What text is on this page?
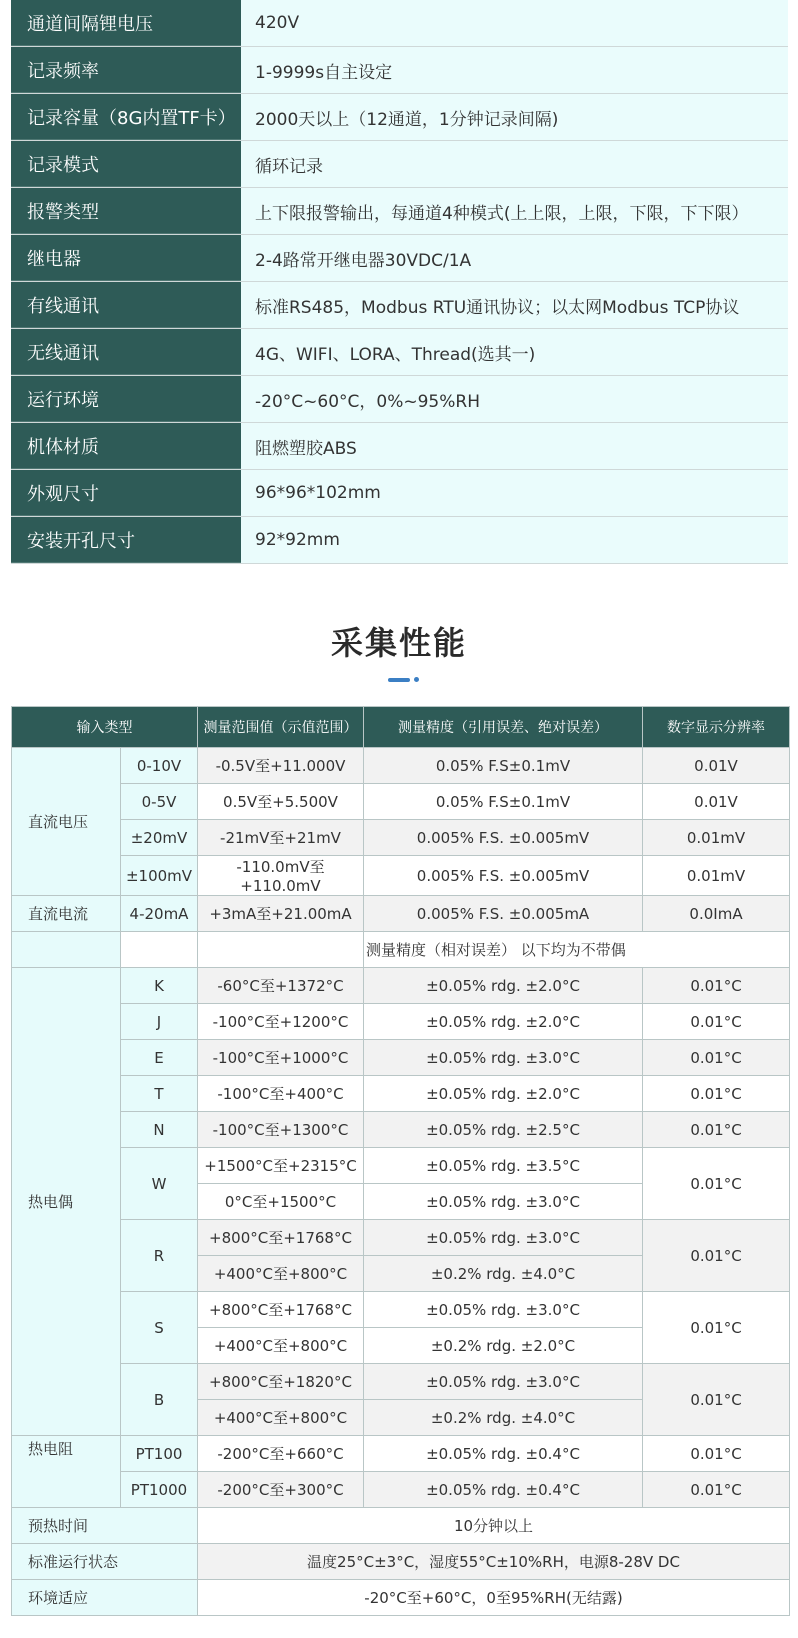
通道间隔锂电压	420V
记录频率	1-9999s自主设定
记录容量（8G内置TF卡）	2000天以上（12通道，1分钟记录间隔)
记录模式	循环记录
报警类型	上下限报警输出，每通道4种模式(上上限，上限，下限，下下限）
继电器	2-4路常开继电器30VDC/1A
有线通讯	标准RS485，Modbus RTU通讯协议；以太网Modbus TCP协议
无线通讯	4G、WIFI、LORA、Thread(选其一)
运行环境	-20°C~60°C，0%~95%RH
机体材质	阻燃塑胶ABS
外观尺寸	96*96*102mm
安装开孔尺寸	92*92mm
采集性能
输入类型		测量范围值（示值范围）	测量精度（引用误差、绝对误差）	数字显示分辨率
直流电压	0-10V	-0.5V至+11.000V	0.05% F.S±0.1mV	0.01V
	0-5V	0.5V至+5.500V	0.05% F.S±0.1mV	0.01V
	±20mV	-21mV至+21mV	0.005% F.S. ±0.005mV	0.01mV
	±100mV	-110.0mV至+110.0mV	0.005% F.S. ±0.005mV	0.01mV
直流电流	4-20mA	+3mA至+21.00mA	0.005% F.S. ±0.005mA	0.0ImA
			测量精度（相对误差） 以下均为不带偶	
热电偶	K	-60°C至+1372°C	±0.05% rdg. ±2.0°C	0.01°C
	J	-100°C至+1200°C	±0.05% rdg. ±2.0°C	0.01°C
	E	-100°C至+1000°C	±0.05% rdg. ±3.0°C	0.01°C
	T	-100°C至+400°C	±0.05% rdg. ±2.0°C	0.01°C
	N	-100°C至+1300°C	±0.05% rdg. ±2.5°C	0.01°C
	W	+1500°C至+2315°C	±0.05% rdg. ±3.5°C	0.01°C
		0°C至+1500°C	±0.05% rdg. ±3.0°C	
	R	+800°C至+1768°C	±0.05% rdg. ±3.0°C	0.01°C
		+400°C至+800°C	±0.2% rdg. ±4.0°C	
	S	+800°C至+1768°C	±0.05% rdg. ±3.0°C	0.01°C
		+400°C至+800°C	±0.2% rdg. ±2.0°C	
	B	+800°C至+1820°C	±0.05% rdg. ±3.0°C	0.01°C
		+400°C至+800°C	±0.2% rdg. ±4.0°C	
热电阻	PT100	-200°C至+660°C	±0.05% rdg. ±0.4°C	0.01°C
	PT1000	-200°C至+300°C	±0.05% rdg. ±0.4°C	0.01°C
预热时间		10分钟以上		
标准运行状态		温度25°C±3°C，湿度55°C±10%RH，电源8-28V DC		
环境适应		-20°C至+60°C，0至95%RH(无结露)		
